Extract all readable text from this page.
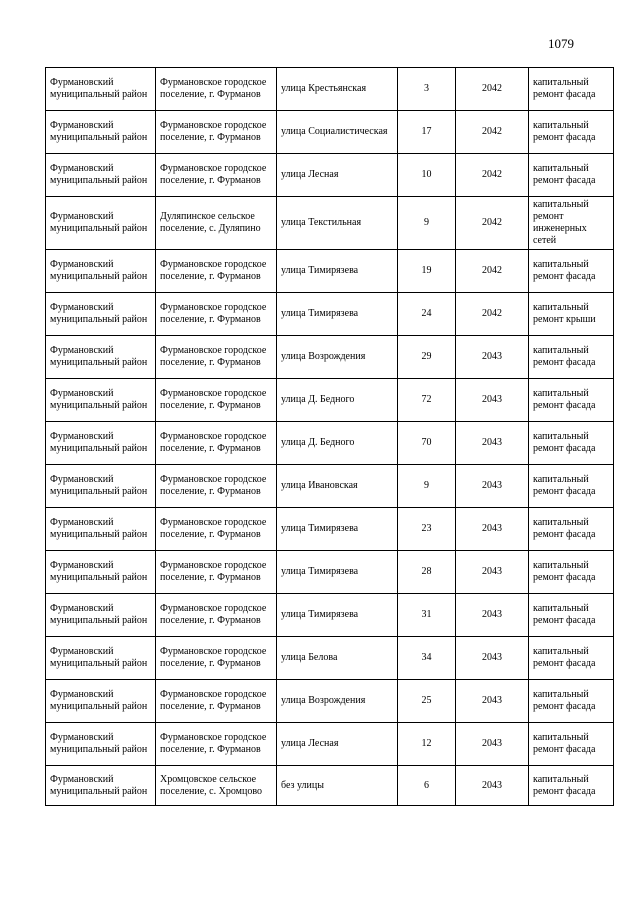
1079
Фурмановский муниципальный район	Фурмановское городское поселение, г. Фурманов	улица Крестьянская	3	2042	капитальный ремонт фасада
Фурмановский муниципальный район	Фурмановское городское поселение, г. Фурманов	улица Социалистическая	17	2042	капитальный ремонт фасада
Фурмановский муниципальный район	Фурмановское городское поселение, г. Фурманов	улица Лесная	10	2042	капитальный ремонт фасада
Фурмановский муниципальный район	Дуляпинское сельское поселение, с. Дуляпино	улица Текстильная	9	2042	капитальный ремонт инженерных сетей
Фурмановский муниципальный район	Фурмановское городское поселение, г. Фурманов	улица Тимирязева	19	2042	капитальный ремонт фасада
Фурмановский муниципальный район	Фурмановское городское поселение, г. Фурманов	улица Тимирязева	24	2042	капитальный ремонт крыши
Фурмановский муниципальный район	Фурмановское городское поселение, г. Фурманов	улица Возрождения	29	2043	капитальный ремонт фасада
Фурмановский муниципальный район	Фурмановское городское поселение, г. Фурманов	улица Д. Бедного	72	2043	капитальный ремонт фасада
Фурмановский муниципальный район	Фурмановское городское поселение, г. Фурманов	улица Д. Бедного	70	2043	капитальный ремонт фасада
Фурмановский муниципальный район	Фурмановское городское поселение, г. Фурманов	улица Ивановская	9	2043	капитальный ремонт фасада
Фурмановский муниципальный район	Фурмановское городское поселение, г. Фурманов	улица Тимирязева	23	2043	капитальный ремонт фасада
Фурмановский муниципальный район	Фурмановское городское поселение, г. Фурманов	улица Тимирязева	28	2043	капитальный ремонт фасада
Фурмановский муниципальный район	Фурмановское городское поселение, г. Фурманов	улица Тимирязева	31	2043	капитальный ремонт фасада
Фурмановский муниципальный район	Фурмановское городское поселение, г. Фурманов	улица Белова	34	2043	капитальный ремонт фасада
Фурмановский муниципальный район	Фурмановское городское поселение, г. Фурманов	улица Возрождения	25	2043	капитальный ремонт фасада
Фурмановский муниципальный район	Фурмановское городское поселение, г. Фурманов	улица Лесная	12	2043	капитальный ремонт фасада
Фурмановский муниципальный район	Хромцовское сельское поселение, с. Хромцово	без улицы	6	2043	капитальный ремонт фасада
